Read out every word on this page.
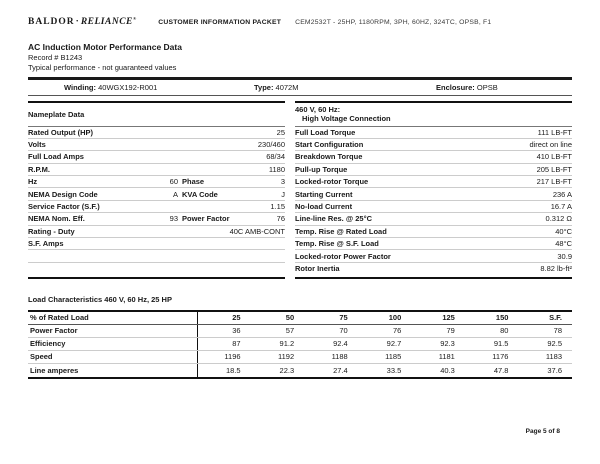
BALDOR·RELIANCE®
CUSTOMER INFORMATION PACKET CEM2532T - 25HP, 1180RPM, 3PH, 60HZ, 324TC, OPSB, F1
AC Induction Motor Performance Data
Record # B1243
Typical performance - not guaranteed values
Winding: 40WGX192-R001	Type: 4072M	Enclosure: OPSB
Nameplate Data
Rated Output (HP)	25
Volts	230/460
Full Load Amps	68/34
R.P.M.	1180
Hz	60 Phase	3
NEMA Design Code	A KVA Code	J
Service Factor (S.F.)	1.15
NEMA Nom. Eff.	93 Power Factor	76
Rating - Duty	40C AMB-CONT
S.F. Amps
460 V, 60 Hz:
High Voltage Connection
Full Load Torque	111 LB-FT
Start Configuration	direct on line
Breakdown Torque	410 LB-FT
Pull-up Torque	205 LB-FT
Locked-rotor Torque	217 LB-FT
Starting Current	236 A
No-load Current	16.7 A
Line-line Res. @ 25°C	0.312 Ω
Temp. Rise @ Rated Load	40°C
Temp. Rise @ S.F. Load	48°C
Locked-rotor Power Factor	30.9
Rotor Inertia	8.82 lb-ft²
Load Characteristics 460 V, 60 Hz, 25 HP
% of Rated Load	25	50	75	100	125	150	S.F.
Power Factor	36	57	70	76	79	80	78
Efficiency	87	91.2	92.4	92.7	92.3	91.5	92.5
Speed	1196	1192	1188	1185	1181	1176	1183
Line amperes	18.5	22.3	27.4	33.5	40.3	47.8	37.6
Page 5 of 8
